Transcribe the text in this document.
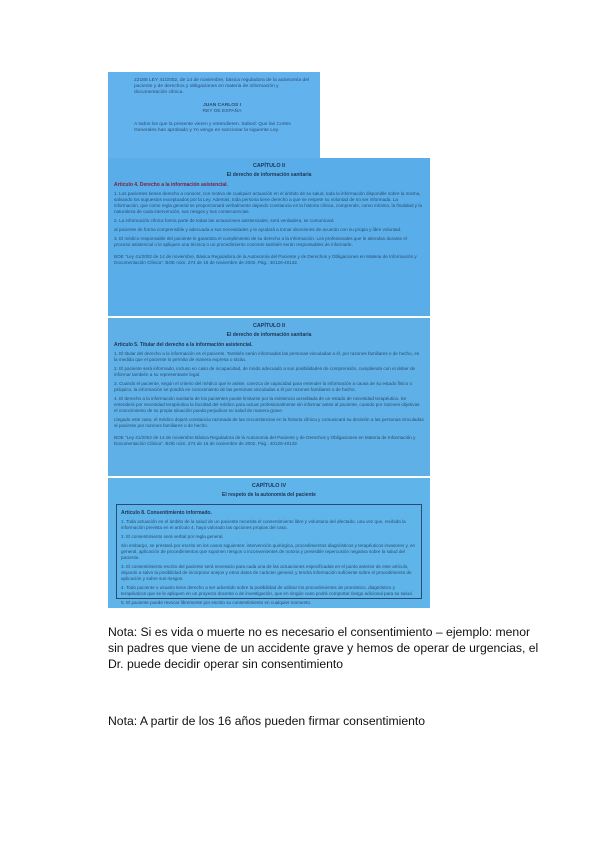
22188 LEY 41/2002, de 14 de noviembre, básica reguladora de la autonomía del paciente y de derechos y obligaciones en materia de información y documentación clínica.
JUAN CARLOS I
REY DE ESPAÑA
A todos los que la presente vieren y entendieren. Sabed: Que las Cortes Generales han aprobado y Yo vengo en sancionar la siguiente Ley.
CAPÍTULO II
El derecho de información sanitaria
Artículo 4. Derecho a la información asistencial.
1. Los pacientes tienen derecho a conocer, con motivo de cualquier actuación en el ámbito de su salud, toda la información disponible sobre la misma, salvando los supuestos exceptuados por la Ley. Además, toda persona tiene derecho a que se respete su voluntad de no ser informada. La información, que como regla general se proporcionará verbalmente dejando constancia en la historia clínica, comprende, como mínimo, la finalidad y la naturaleza de cada intervención, sus riesgos y sus consecuencias.
2. La información clínica forma parte de todas las actuaciones asistenciales, será verdadera, se comunicará
al paciente de forma comprensible y adecuada a sus necesidades y le ayudará a tomar decisiones de acuerdo con su propia y libre voluntad.
3. El médico responsable del paciente le garantiza el cumplimiento de su derecho a la información. Los profesionales que le atiendan durante el proceso asistencial o le apliquen una técnica o un procedimiento concreto también serán responsables de informarle.
BOE "Ley 41/2002 de 14 de noviembre, Básica Reguladora de la Autonomía del Paciente y de Derechos y Obligaciones en Materia de Información y Documentación Clínica". BOE núm. 274 de 15 de noviembre de 2002, Pág.: 40126-40132.
CAPÍTULO II
El derecho de información sanitaria
Artículo 5. Titular del derecho a la información asistencial.
1. El titular del derecho a la información es el paciente. También serán informadas las personas vinculadas a él, por razones familiares o de hecho, en la medida que el paciente lo permita de manera expresa o tácita.
2. El paciente será informado, incluso en caso de incapacidad, de modo adecuado a sus posibilidades de comprensión, cumpliendo con el deber de informar también a su representante legal.
3. Cuando el paciente, según el criterio del médico que le asiste, carezca de capacidad para entender la información a causa de su estado físico o psíquico, la información se pondrá en conocimiento de las personas vinculadas a él por razones familiares o de hecho.
4. El derecho a la información sanitaria de los pacientes puede limitarse por la existencia acreditada de un estado de necesidad terapéutica. Se entenderá por necesidad terapéutica la facultad del médico para actuar profesionalmente sin informar antes al paciente, cuando por razones objetivas el conocimiento de su propia situación pueda perjudicar su salud de manera grave.
Llegado este caso, el médico dejará constancia razonada de las circunstancias en la historia clínica y comunicará su decisión a las personas vinculadas al paciente por razones familiares o de hecho.
BOE "Ley 41/2002 de 14 de noviembre Básica Reguladora de la Autonomía del Paciente y de Derechos y Obligaciones en Materia de Información y Documentación Clínica". BOE núm. 274 de 15 de noviembre de 2002, Pág.: 40126-40132.
CAPÍTULO IV
El respeto de la autonomía del paciente
Artículo 8. Consentimiento informado.
1. Toda actuación en el ámbito de la salud de un paciente necesita el consentimiento libre y voluntario del afectado, una vez que, recibida la información prevista en el artículo 4, haya valorado las opciones propias del caso.
2. El consentimiento será verbal por regla general.
Sin embargo, se prestará por escrito en los casos siguientes: intervención quirúrgica, procedimientos diagnósticos y terapéuticos invasores y, en general, aplicación de procedimientos que suponen riesgos o inconvenientes de notoria y previsible repercusión negativa sobre la salud del paciente.
3. El consentimiento escrito del paciente será necesario para cada una de las actuaciones especificadas en el punto anterior de este artículo, dejando a salvo la posibilidad de incorporar anejos y otros datos de carácter general, y tendrá información suficiente sobre el procedimiento de aplicación y sobre sus riesgos.
4. Todo paciente o usuario tiene derecho a ser advertido sobre la posibilidad de utilizar los procedimientos de pronóstico, diagnóstico y terapéuticos que se le apliquen en un proyecto docente o de investigación, que en ningún caso podrá comportar riesgo adicional para su salud.
5. El paciente puede revocar libremente por escrito su consentimiento en cualquier momento.

Nota: Si es vida o muerte no es necesario el consentimiento – ejemplo: menor sin padres que viene de un accidente grave y hemos de operar de urgencias, el Dr. puede decidir operar sin consentimiento

Nota: A partir de los 16 años pueden firmar consentimiento
